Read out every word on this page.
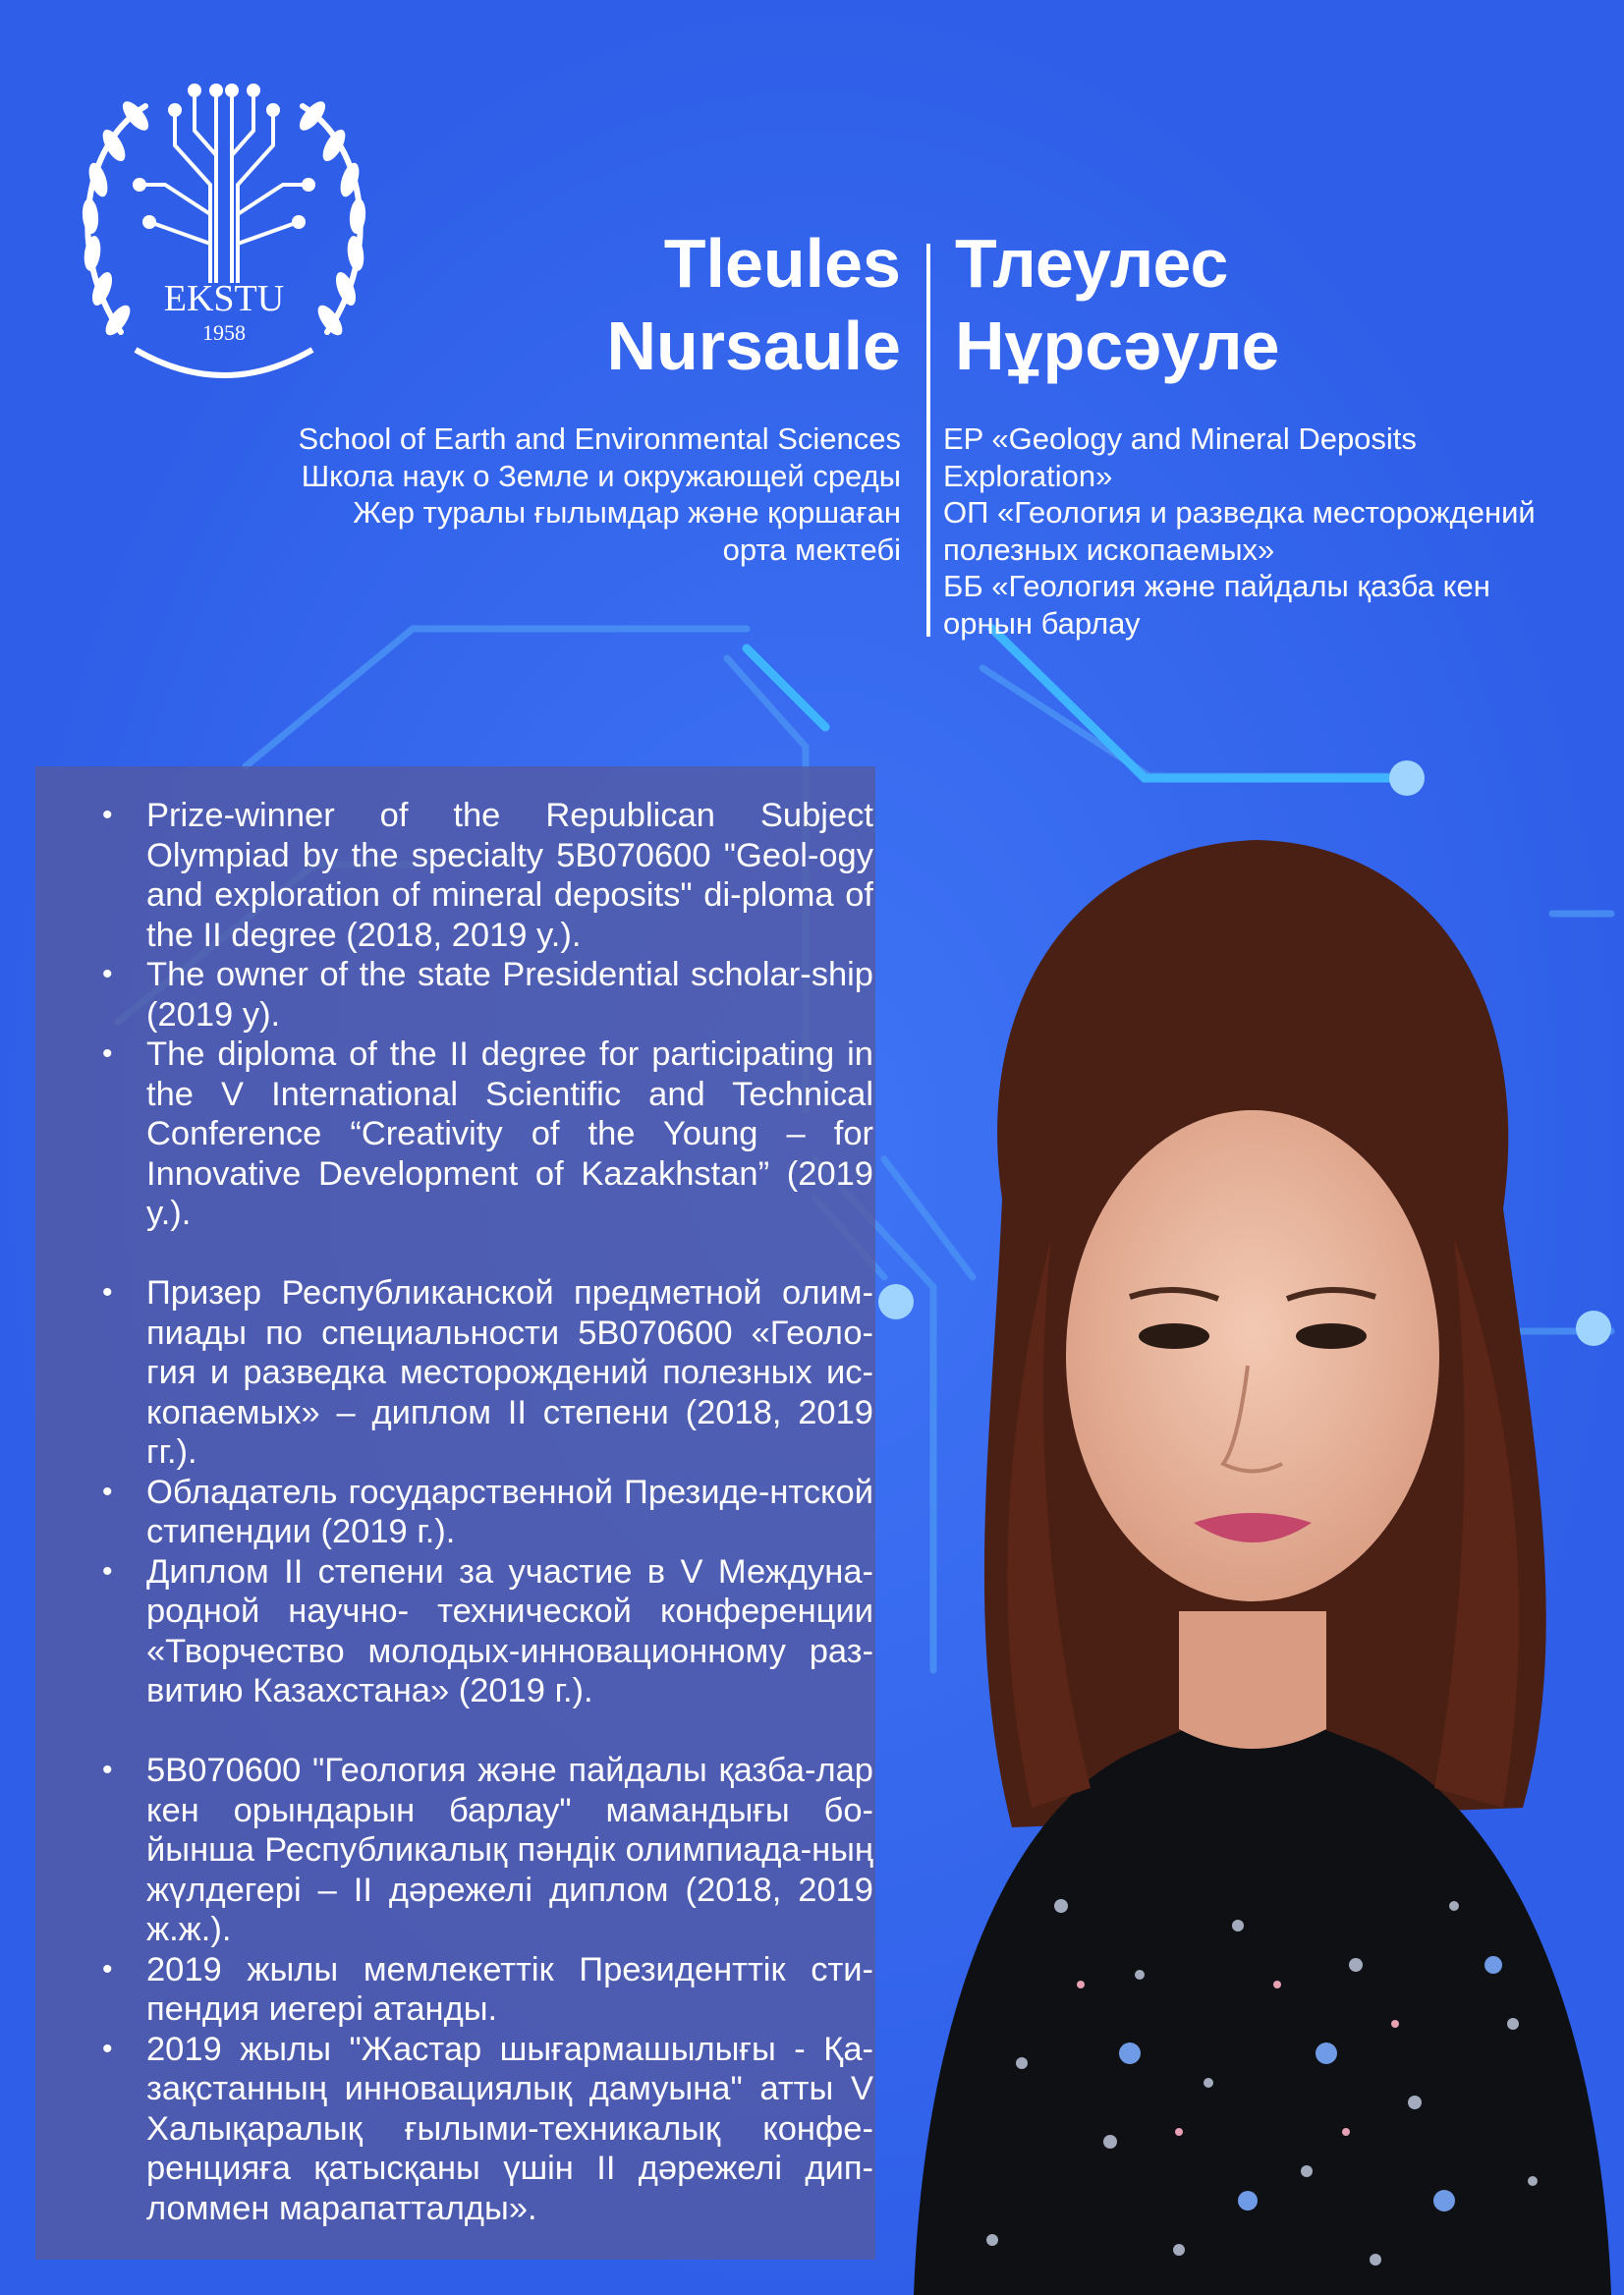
EKSTU
1958
Tleules
Nursaule
Тлеулес
Нұрсәуле
School of Earth and Environmental Sciences
Школа наук о Земле и окружающей среды
Жер туралы ғылымдар және қоршаған
орта мектебі
EP «Geology and Mineral Deposits
Exploration»
ОП «Геология и разведка месторождений
полезных ископаемых»
ББ «Геология және пайдалы қазба кен
орнын барлау
• Prize-winner of the Republican Subject Olympiad by the specialty 5B070600 "Geol-ogy and exploration of mineral deposits" di-ploma of the II degree (2018, 2019 y.).
• The owner of the state Presidential scholar-ship (2019 y).
• The diploma of the II degree for participating in the V International Scientific and Technical Conference “Creativity of the Young – for Innovative Development of Kazakhstan” (2019 y.).
• Призер Республиканской предметной олим-пиады по специальности 5В070600 «Геоло-гия и разведка месторождений полезных ис-копаемых» – диплом II степени (2018, 2019 гг.).
• Обладатель государственной Президе-нтской стипендии (2019 г.).
• Диплом II степени за участие в V Междуна-родной научно- технической конференции «Творчество молодых-инновационному раз-витию Казахстана» (2019 г.).
• 5В070600 "Геология және пайдалы қазба-лар кен орындарын барлау" мамандығы бо-йынша Республикалық пәндік олимпиада-ның жүлдегері – II дәрежелі диплом (2018, 2019 ж.ж.).
• 2019 жылы мемлекеттік Президенттік сти-пендия иегері атанды.
• 2019 жылы "Жастар шығармашылығы - Қа-зақстанның инновациялық дамуына" атты V Халықаралық ғылыми-техникалық конфе-ренцияға қатысқаны үшін II дәрежелі дип-ломмен марапатталды».
